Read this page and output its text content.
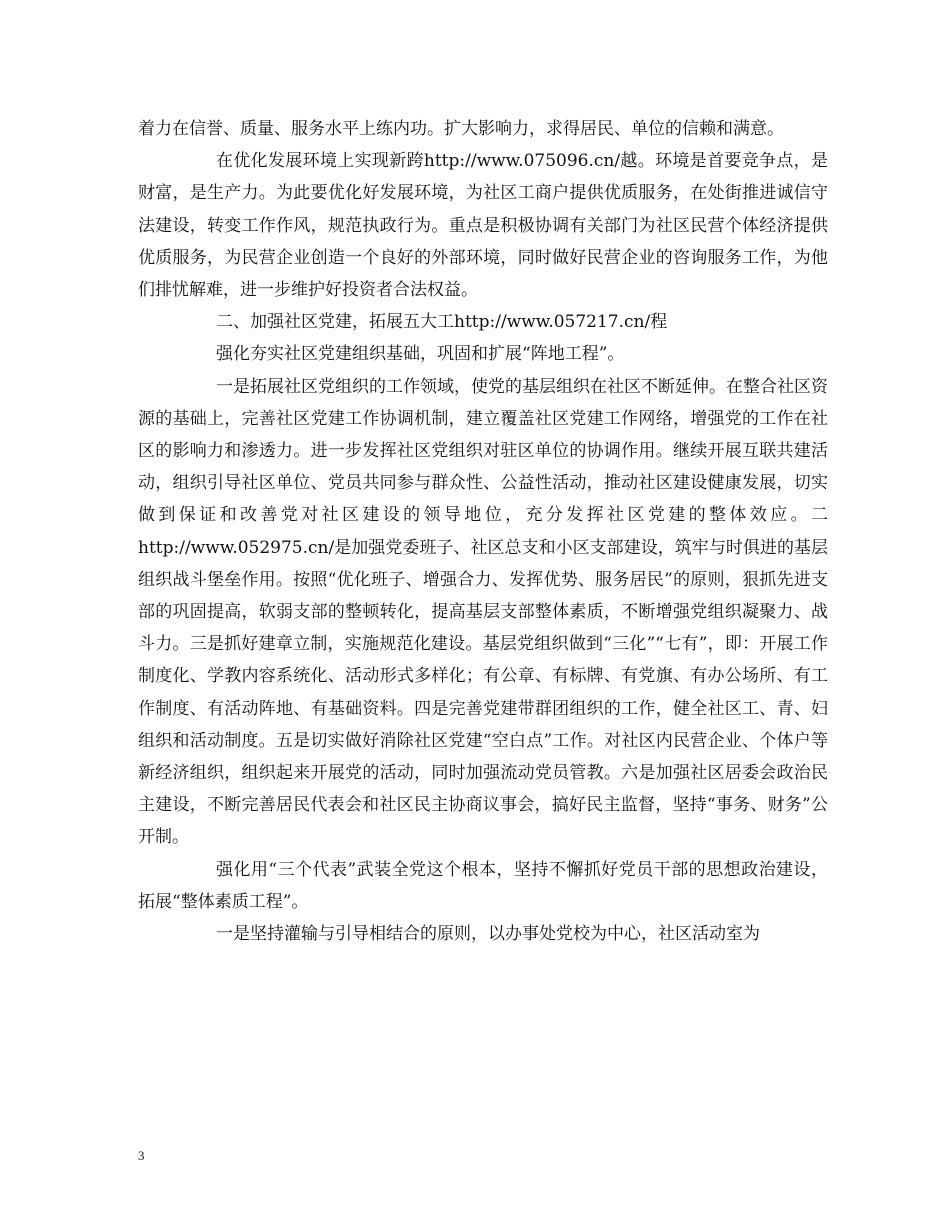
着力在信誉、质量、服务水平上练内功。扩大影响力，求得居民、单位的信赖和满意。

在优化发展环境上实现新跨http://www.075096.cn/越。环境是首要竞争点，是财富，是生产力。为此要优化好发展环境，为社区工商户提供优质服务，在处街推进诚信守法建设，转变工作作风，规范执政行为。重点是积极协调有关部门为社区民营个体经济提供优质服务，为民营企业创造一个良好的外部环境，同时做好民营企业的咨询服务工作，为他们排忧解难，进一步维护好投资者合法权益。

二、加强社区党建，拓展五大工http://www.057217.cn/程

强化夯实社区党建组织基础，巩固和扩展“阵地工程”。

一是拓展社区党组织的工作领域，使党的基层组织在社区不断延伸。在整合社区资源的基础上，完善社区党建工作协调机制，建立覆盖社区党建工作网络，增强党的工作在社区的影响力和渗透力。进一步发挥社区党组织对驻区单位的协调作用。继续开展互联共建活动，组织引导社区单位、党员共同参与群众性、公益性活动，推动社区建设健康发展，切实做到保证和改善党对社区建设的领导地位，充分发挥社区党建的整体效应。二http://www.052975.cn/是加强党委班子、社区总支和小区支部建设，筑牢与时俱进的基层组织战斗堡垒作用。按照“优化班子、增强合力、发挥优势、服务居民”的原则，狠抓先进支部的巩固提高，软弱支部的整顿转化，提高基层支部整体素质，不断增强党组织凝聚力、战斗力。三是抓好建章立制，实施规范化建设。基层党组织做到“三化”“七有”，即：开展工作制度化、学教内容系统化、活动形式多样化；有公章、有标牌、有党旗、有办公场所、有工作制度、有活动阵地、有基础资料。四是完善党建带群团组织的工作，健全社区工、青、妇组织和活动制度。五是切实做好消除社区党建“空白点”工作。对社区内民营企业、个体户等新经济组织，组织起来开展党的活动，同时加强流动党员管教。六是加强社区居委会政治民主建设，不断完善居民代表会和社区民主协商议事会，搞好民主监督，坚持“事务、财务”公开制。

强化用“三个代表”武装全党这个根本，坚持不懈抓好党员干部的思想政治建设，拓展“整体素质工程”。

一是坚持灌输与引导相结合的原则，以办事处党校为中心，社区活动室为

3
